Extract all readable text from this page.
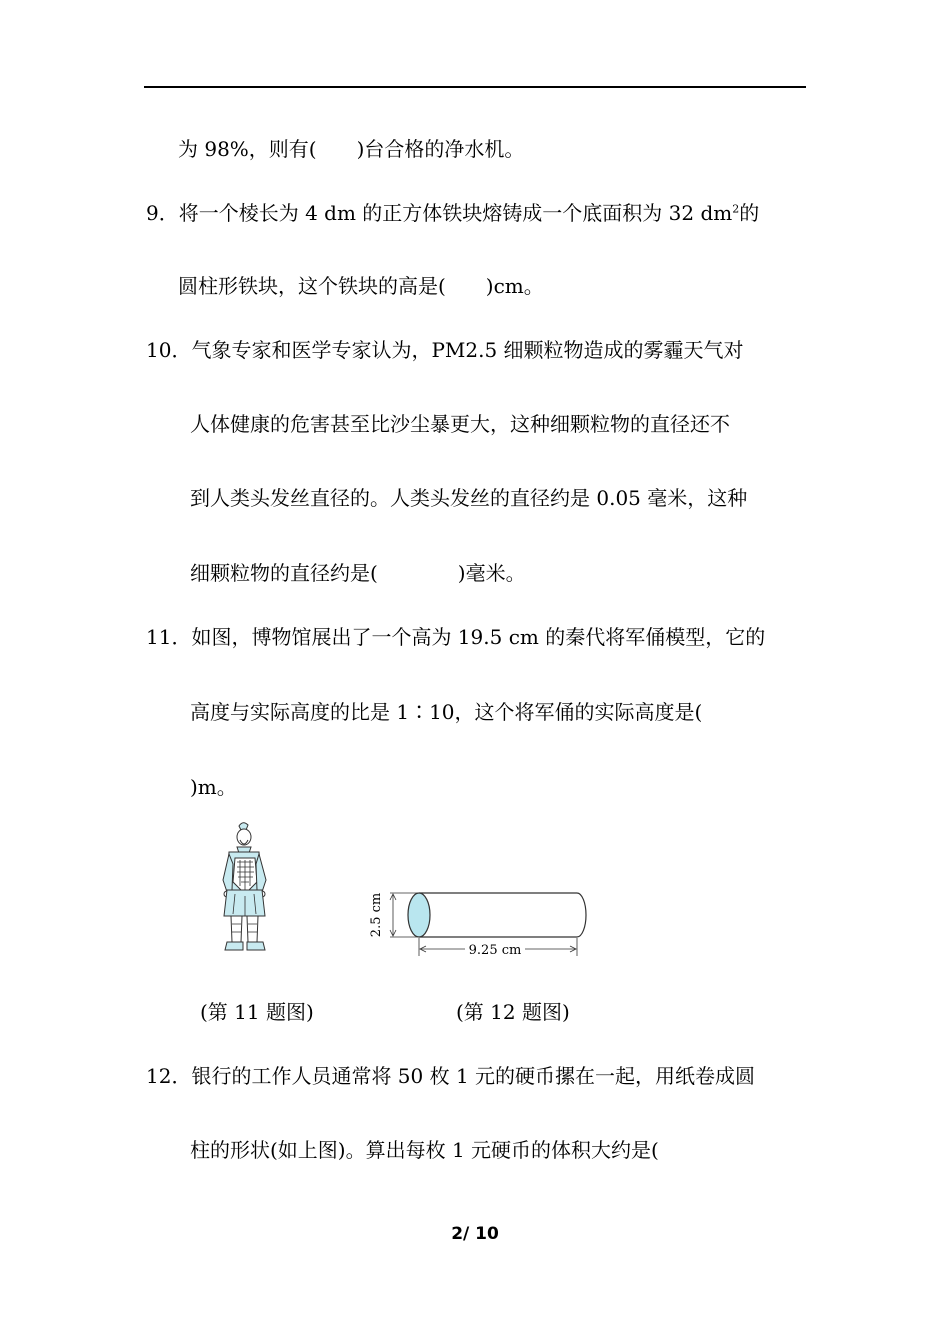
为 98%，则有(　　)台合格的净水机。
9．将一个棱长为 4 dm 的正方体铁块熔铸成一个底面积为 32 $dm^2$的
圆柱形铁块，这个铁块的高是(　　)cm。
10．气象专家和医学专家认为，PM2.5 细颗粒物造成的雾霾天气对
人体健康的危害甚至比沙尘暴更大，这种细颗粒物的直径还不
到人类头发丝直径的。人类头发丝的直径约是 0.05 毫米，这种
细颗粒物的直径约是(　　　　)毫米。
11．如图，博物馆展出了一个高为 19.5 cm 的秦代将军俑模型，它的
高度与实际高度的比是 1∶10，这个将军俑的实际高度是(
)m。
2.5 cm
9.25 cm
(第 11 题图)	(第 12 题图)
12．银行的工作人员通常将 50 枚 1 元的硬币摞在一起，用纸卷成圆
柱的形状(如上图)。算出每枚 1 元硬币的体积大约是(
2/ 10
